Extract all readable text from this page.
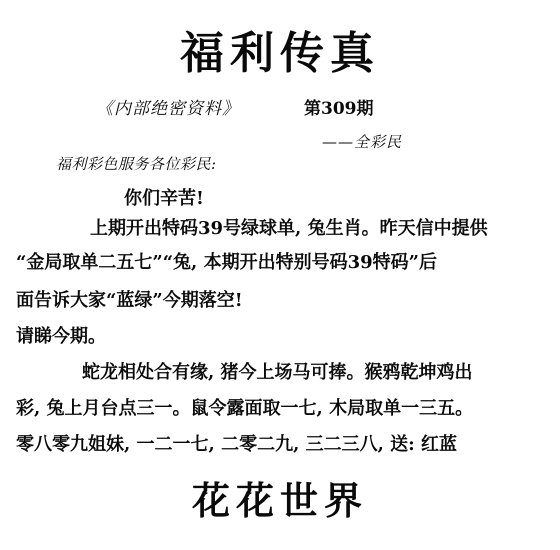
福利传真
《内部绝密资料》	第309期
——全彩民
福利彩色服务各位彩民:
你们辛苦!
上期开出特码39号绿球单, 兔生肖。昨天信中提供
“金局取单二五七”“兔, 本期开出特别号码39特码”后
面告诉大家“蓝绿”今期落空!
请睇今期。
蛇龙相处合有缘, 猪今上场马可捧。猴鸦乾坤鸡出
彩, 兔上月台点三一。鼠令露面取一七, 木局取单一三五。
零八零九姐妹, 一二一七, 二零二九, 三二三八, 送: 红蓝
花花世界
